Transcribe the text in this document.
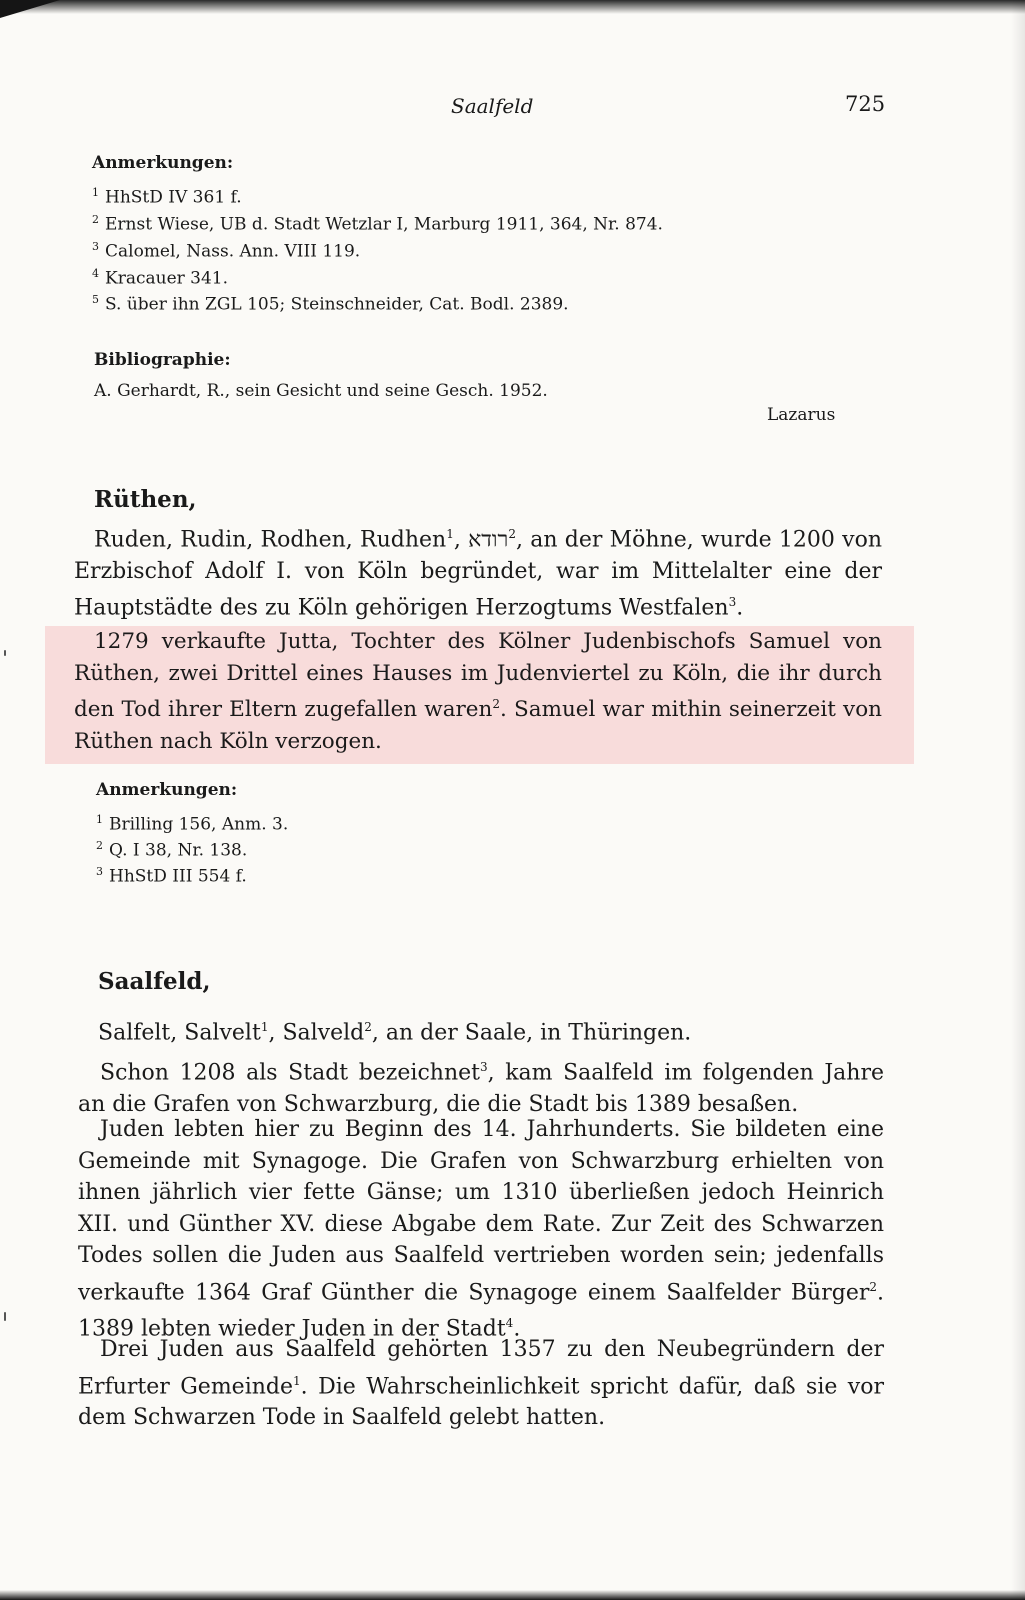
Saalfeld	725
Anmerkungen:
$^1$ HhStD IV 361 f.
$^2$ Ernst Wiese, UB d. Stadt Wetzlar I, Marburg 1911, 364, Nr. 874.
$^3$ Calomel, Nass. Ann. VIII 119.
$^4$ Kracauer 341.
$^5$ S. über ihn ZGL 105; Steinschneider, Cat. Bodl. 2389.
Bibliographie:
A. Gerhardt, R., sein Gesicht und seine Gesch. 1952.
Lazarus
Rüthen,
Ruden, Rudin, Rodhen, Rudhen$^1$, רודא$^2$, an der Möhne, wurde 1200 von Erzbischof Adolf I. von Köln begründet, war im Mittelalter eine der Hauptstädte des zu Köln gehörigen Herzogtums Westfalen$^3$.
1279 verkaufte Jutta, Tochter des Kölner Judenbischofs Samuel von Rüthen, zwei Drittel eines Hauses im Judenviertel zu Köln, die ihr durch den Tod ihrer Eltern zugefallen waren$^2$. Samuel war mithin seinerzeit von Rüthen nach Köln verzogen.
Anmerkungen:
$^1$ Brilling 156, Anm. 3.
$^2$ Q. I 38, Nr. 138.
$^3$ HhStD III 554 f.
Saalfeld,
Salfelt, Salvelt$^1$, Salveld$^2$, an der Saale, in Thüringen.
Schon 1208 als Stadt bezeichnet$^3$, kam Saalfeld im folgenden Jahre an die Grafen von Schwarzburg, die die Stadt bis 1389 besaßen.
Juden lebten hier zu Beginn des 14. Jahrhunderts. Sie bildeten eine Gemeinde mit Synagoge. Die Grafen von Schwarzburg erhielten von ihnen jährlich vier fette Gänse; um 1310 überließen jedoch Heinrich XII. und Günther XV. diese Abgabe dem Rate. Zur Zeit des Schwarzen Todes sollen die Juden aus Saalfeld vertrieben worden sein; jedenfalls verkaufte 1364 Graf Günther die Synagoge einem Saalfelder Bürger$^2$. 1389 lebten wieder Juden in der Stadt$^4$.
Drei Juden aus Saalfeld gehörten 1357 zu den Neubegründern der Erfurter Gemeinde$^1$. Die Wahrscheinlichkeit spricht dafür, daß sie vor dem Schwarzen Tode in Saalfeld gelebt hatten.
